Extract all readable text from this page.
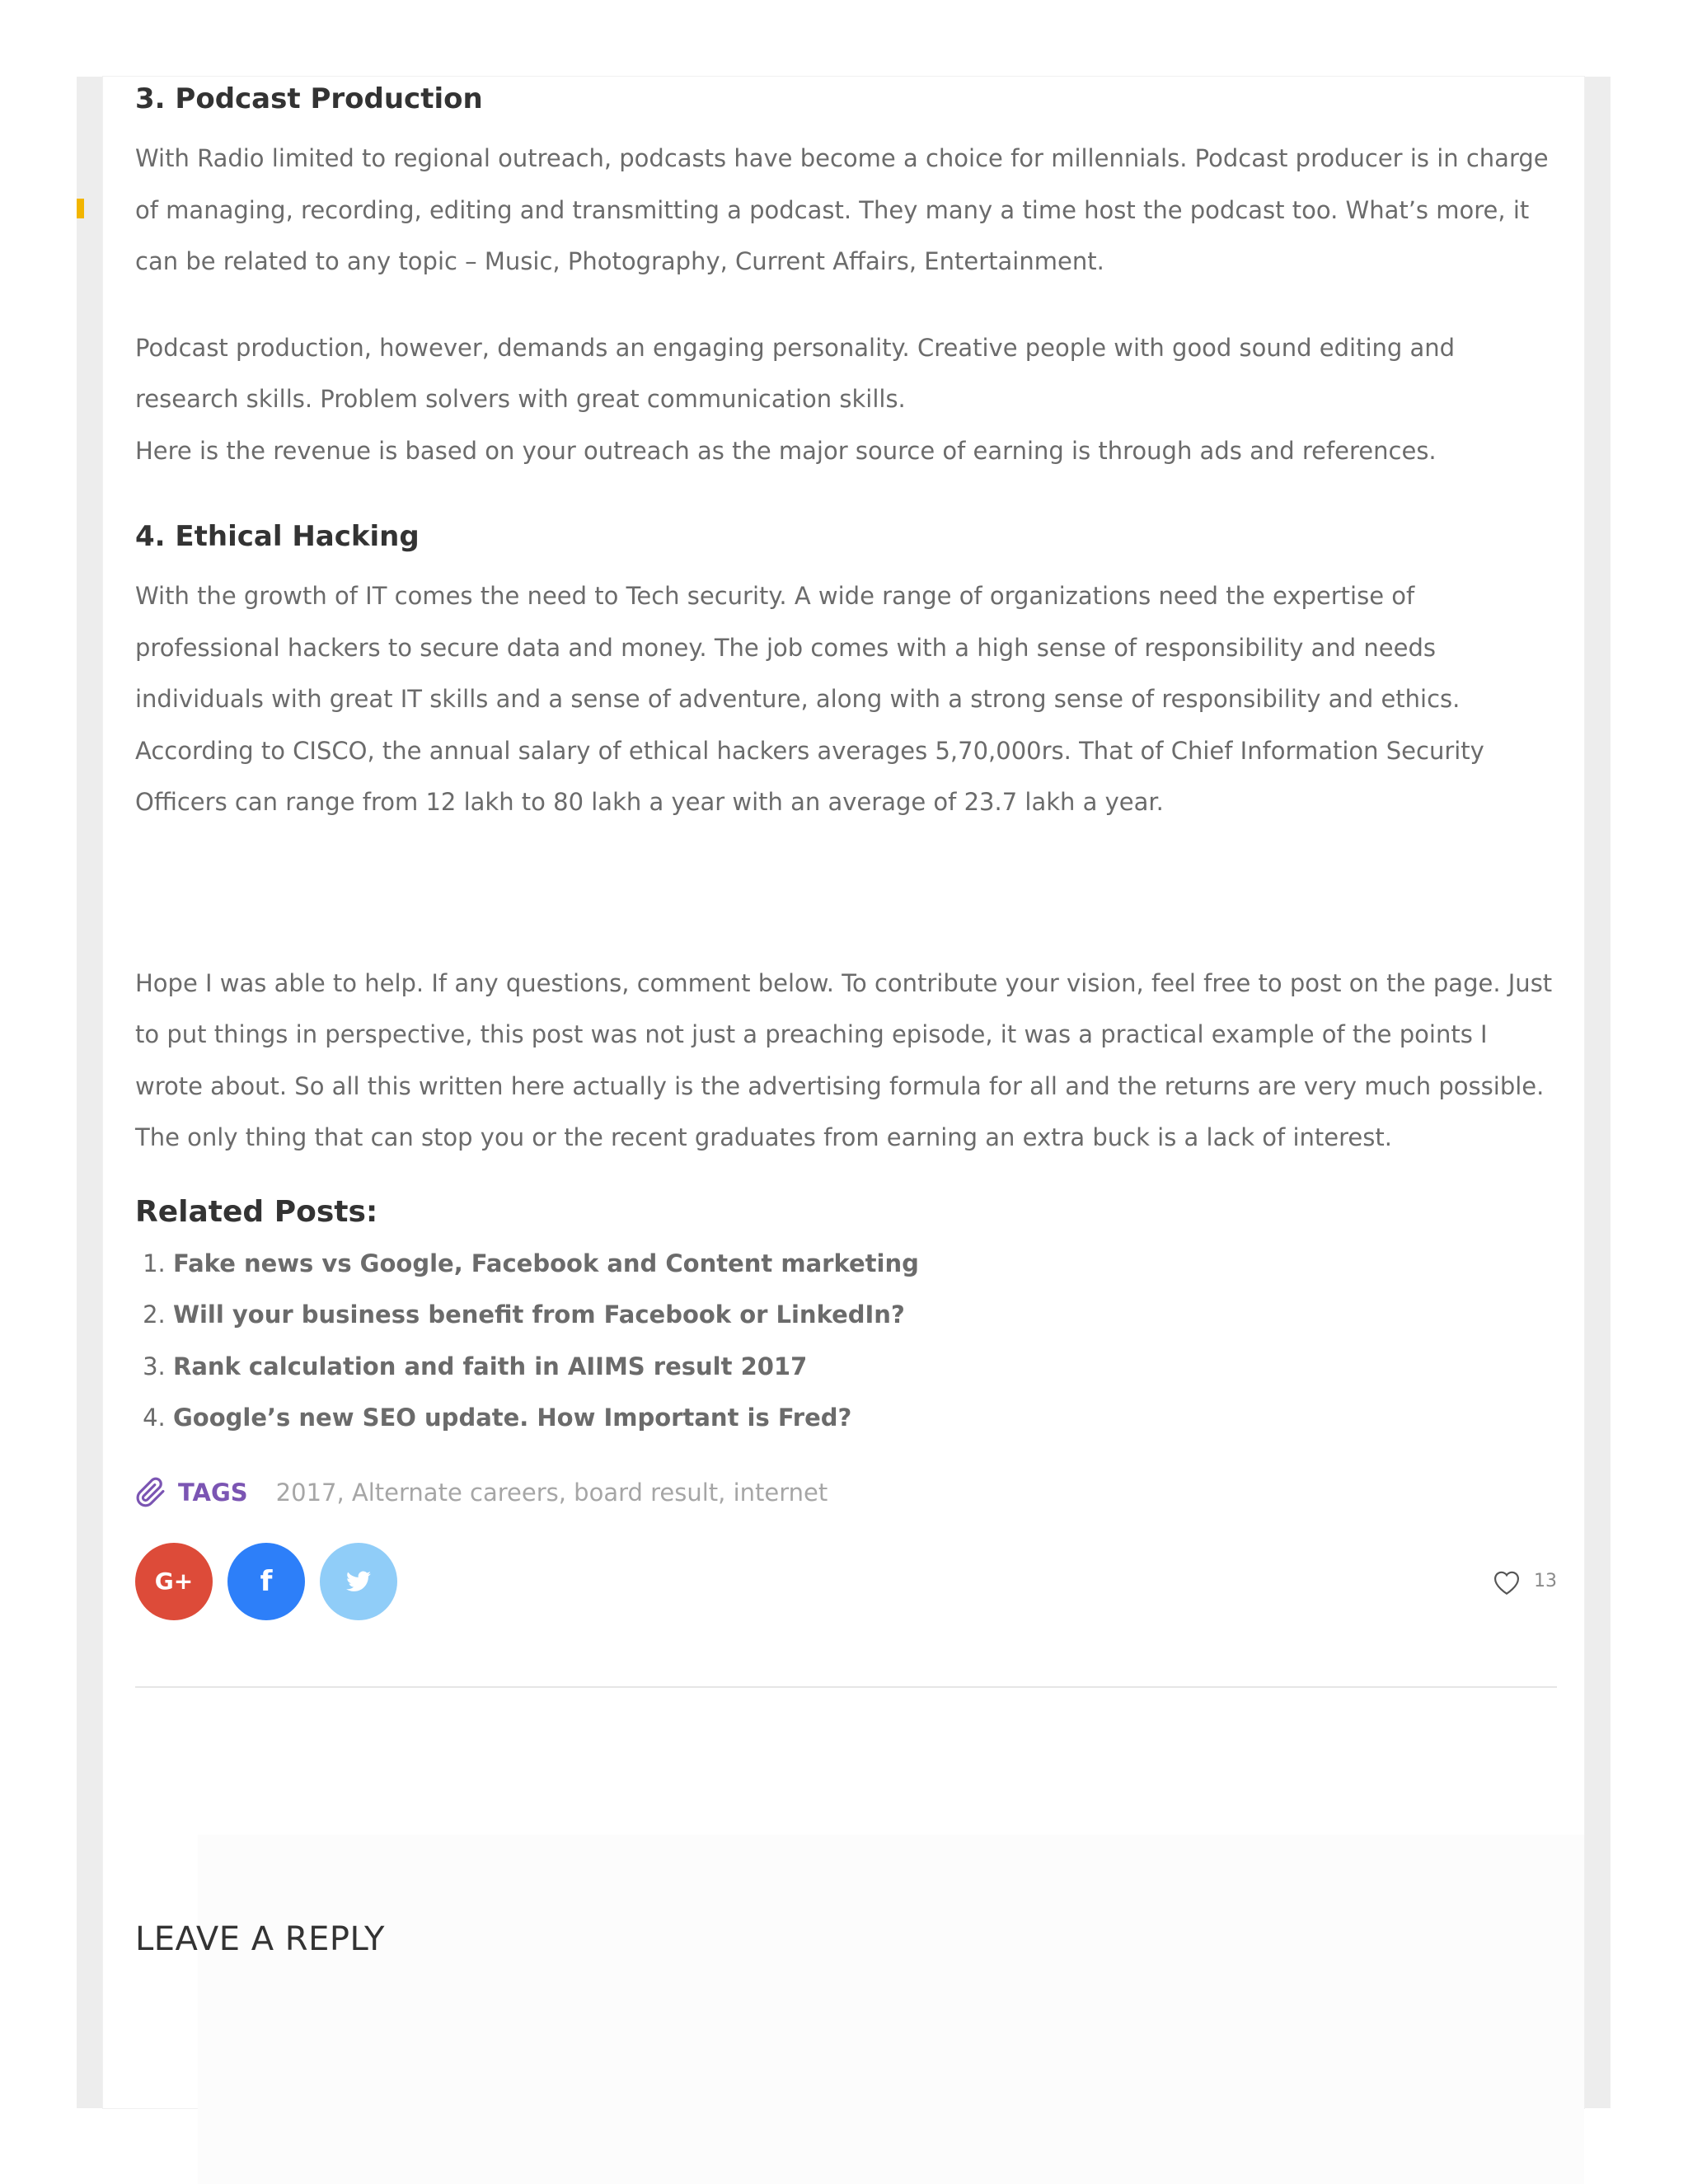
3. Podcast Production

With Radio limited to regional outreach, podcasts have become a choice for millennials. Podcast producer is in charge of managing, recording, editing and transmitting a podcast. They many a time host the podcast too. What’s more, it can be related to any topic – Music, Photography, Current Affairs, Entertainment.

Podcast production, however, demands an engaging personality. Creative people with good sound editing and research skills. Problem solvers with great communication skills.

Here is the revenue is based on your outreach as the major source of earning is through ads and references.

4. Ethical Hacking

With the growth of IT comes the need to Tech security. A wide range of organizations need the expertise of professional hackers to secure data and money. The job comes with a high sense of responsibility and needs individuals with great IT skills and a sense of adventure, along with a strong sense of responsibility and ethics.

According to CISCO, the annual salary of ethical hackers averages 5,70,000rs. That of Chief Information Security Officers can range from 12 lakh to 80 lakh a year with an average of 23.7 lakh a year.

Hope I was able to help. If any questions, comment below. To contribute your vision, feel free to post on the page. Just to put things in perspective, this post was not just a preaching episode, it was a practical example of the points I wrote about. So all this written here actually is the advertising formula for all and the returns are very much possible. The only thing that can stop you or the recent graduates from earning an extra buck is a lack of interest.

Related Posts:
1. Fake news vs Google, Facebook and Content marketing
2. Will your business benefit from Facebook or LinkedIn?
3. Rank calculation and faith in AIIMS result 2017
4. Google’s new SEO update. How Important is Fred?
TAGS 2017, Alternate careers, board result, internet
G+ f	13
LEAVE A REPLY
